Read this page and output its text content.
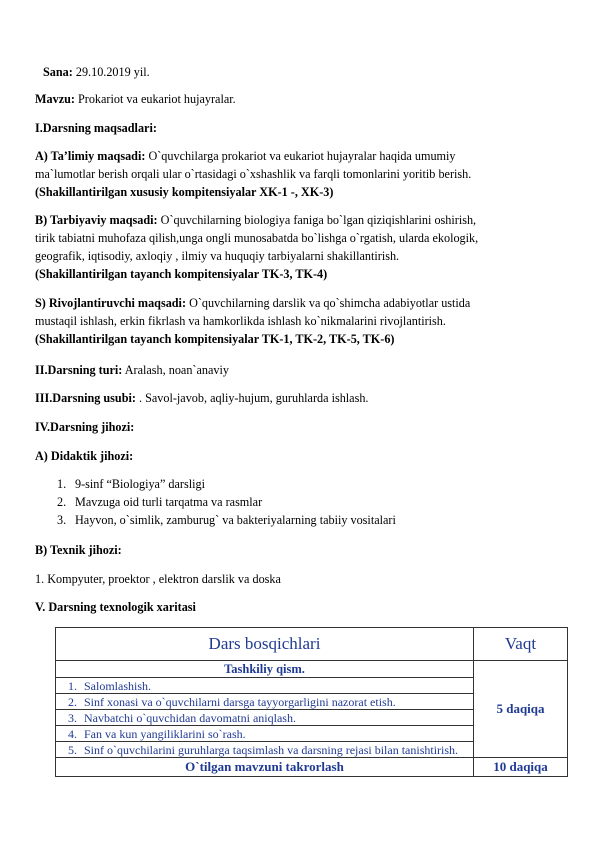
Sana: 29.10.2019 yil.
Mavzu: Prokariot va eukariot hujayralar.
I.Darsning maqsadlari:
A) Ta’limiy maqsadi: O`quvchilarga prokariot va eukariot hujayralar haqida umumiy
ma`lumotlar berish orqali ular o`rtasidagi o`xshashlik va farqli tomonlarini yoritib berish.
(Shakillantirilgan xususiy kompitensiyalar XK-1 -, XK-3)
B) Tarbiyaviy maqsadi: O`quvchilarning biologiya faniga bo`lgan qiziqishlarini oshirish,
tirik tabiatni muhofaza qilish,unga ongli munosabatda bo`lishga o`rgatish, ularda ekologik,
geografik, iqtisodiy, axloqiy , ilmiy va huquqiy tarbiyalarni shakillantirish.
(Shakillantirilgan tayanch kompitensiyalar TK-3, TK-4)
S) Rivojlantiruvchi maqsadi: O`quvchilarning darslik va qo`shimcha adabiyotlar ustida
mustaqil ishlash, erkin fikrlash va hamkorlikda ishlash ko`nikmalarini rivojlantirish.
(Shakillantirilgan tayanch kompitensiyalar TK-1, TK-2, TK-5, TK-6)
II.Darsning turi: Aralash, noan`anaviy
III.Darsning usubi: . Savol-javob, aqliy-hujum, guruhlarda ishlash.
IV.Darsning jihozi:
A) Didaktik jihozi:
1. 9-sinf “Biologiya” darsligi
2. Mavzuga oid turli tarqatma va rasmlar
3. Hayvon, o`simlik, zamburug` va bakteriyalarning tabiiy vositalari
B) Texnik jihozi:
1. Kompyuter, proektor , elektron darslik va doska
V. Darsning texnologik xaritasi
Dars bosqichlari	Vaqt
Tashkiliy qism.	5 daqiqa
1. Salomlashish.	
2. Sinf xonasi va o`quvchilarni darsga tayyorgarligini nazorat etish.	
3. Navbatchi o`quvchidan davomatni aniqlash.	
4. Fan va kun yangiliklarini so`rash.	
5. Sinf o`quvchilarini guruhlarga taqsimlash va darsning rejasi bilan tanishtirish.	
O`tilgan mavzuni takrorlash	10 daqiqa
